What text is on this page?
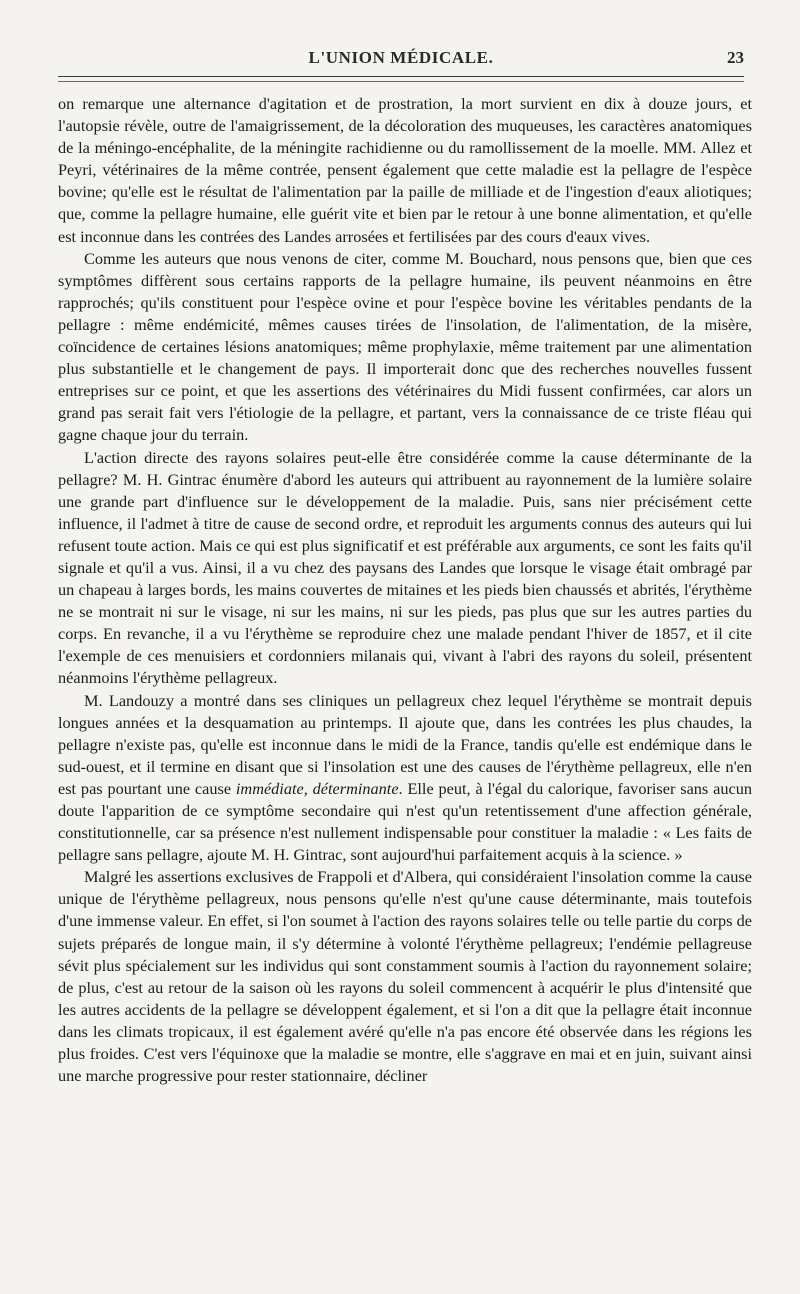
L'UNION MÉDICALE.	23

on remarque une alternance d'agitation et de prostration, la mort survient en dix à douze jours, et l'autopsie révèle, outre de l'amaigrissement, de la décoloration des muqueuses, les caractères anatomiques de la méningo-encéphalite, de la méningite rachidienne ou du ramollissement de la moelle. MM. Allez et Peyri, vétérinaires de la même contrée, pensent également que cette maladie est la pellagre de l'espèce bovine; qu'elle est le résultat de l'alimentation par la paille de milliade et de l'ingestion d'eaux aliotiques; que, comme la pellagre humaine, elle guérit vite et bien par le retour à une bonne alimentation, et qu'elle est inconnue dans les contrées des Landes arrosées et fertilisées par des cours d'eaux vives.

Comme les auteurs que nous venons de citer, comme M. Bouchard, nous pensons que, bien que ces symptômes diffèrent sous certains rapports de la pellagre humaine, ils peuvent néanmoins en être rapprochés; qu'ils constituent pour l'espèce ovine et pour l'espèce bovine les véritables pendants de la pellagre : même endémicité, mêmes causes tirées de l'insolation, de l'alimentation, de la misère, coïncidence de certaines lésions anatomiques; même prophylaxie, même traitement par une alimentation plus substantielle et le changement de pays. Il importerait donc que des recherches nouvelles fussent entreprises sur ce point, et que les assertions des vétérinaires du Midi fussent confirmées, car alors un grand pas serait fait vers l'étiologie de la pellagre, et partant, vers la connaissance de ce triste fléau qui gagne chaque jour du terrain.

L'action directe des rayons solaires peut-elle être considérée comme la cause déterminante de la pellagre? M. H. Gintrac énumère d'abord les auteurs qui attribuent au rayonnement de la lumière solaire une grande part d'influence sur le développement de la maladie. Puis, sans nier précisément cette influence, il l'admet à titre de cause de second ordre, et reproduit les arguments connus des auteurs qui lui refusent toute action. Mais ce qui est plus significatif et est préférable aux arguments, ce sont les faits qu'il signale et qu'il a vus. Ainsi, il a vu chez des paysans des Landes que lorsque le visage était ombragé par un chapeau à larges bords, les mains couvertes de mitaines et les pieds bien chaussés et abrités, l'érythème ne se montrait ni sur le visage, ni sur les mains, ni sur les pieds, pas plus que sur les autres parties du corps. En revanche, il a vu l'érythème se reproduire chez une malade pendant l'hiver de 1857, et il cite l'exemple de ces menuisiers et cordonniers milanais qui, vivant à l'abri des rayons du soleil, présentent néanmoins l'érythème pellagreux.

M. Landouzy a montré dans ses cliniques un pellagreux chez lequel l'érythème se montrait depuis longues années et la desquamation au printemps. Il ajoute que, dans les contrées les plus chaudes, la pellagre n'existe pas, qu'elle est inconnue dans le midi de la France, tandis qu'elle est endémique dans le sud-ouest, et il termine en disant que si l'insolation est une des causes de l'érythème pellagreux, elle n'en est pas pourtant une cause immédiate, déterminante. Elle peut, à l'égal du calorique, favoriser sans aucun doute l'apparition de ce symptôme secondaire qui n'est qu'un retentissement d'une affection générale, constitutionnelle, car sa présence n'est nullement indispensable pour constituer la maladie : « Les faits de pellagre sans pellagre, ajoute M. H. Gintrac, sont aujourd'hui parfaitement acquis à la science. »

Malgré les assertions exclusives de Frappoli et d'Albera, qui considéraient l'insolation comme la cause unique de l'érythème pellagreux, nous pensons qu'elle n'est qu'une cause déterminante, mais toutefois d'une immense valeur. En effet, si l'on soumet à l'action des rayons solaires telle ou telle partie du corps de sujets préparés de longue main, il s'y détermine à volonté l'érythème pellagreux; l'endémie pellagreuse sévit plus spécialement sur les individus qui sont constamment soumis à l'action du rayonnement solaire; de plus, c'est au retour de la saison où les rayons du soleil commencent à acquérir le plus d'intensité que les autres accidents de la pellagre se développent également, et si l'on a dit que la pellagre était inconnue dans les climats tropicaux, il est également avéré qu'elle n'a pas encore été observée dans les régions les plus froides. C'est vers l'équinoxe que la maladie se montre, elle s'aggrave en mai et en juin, suivant ainsi une marche progressive pour rester stationnaire, décliner
